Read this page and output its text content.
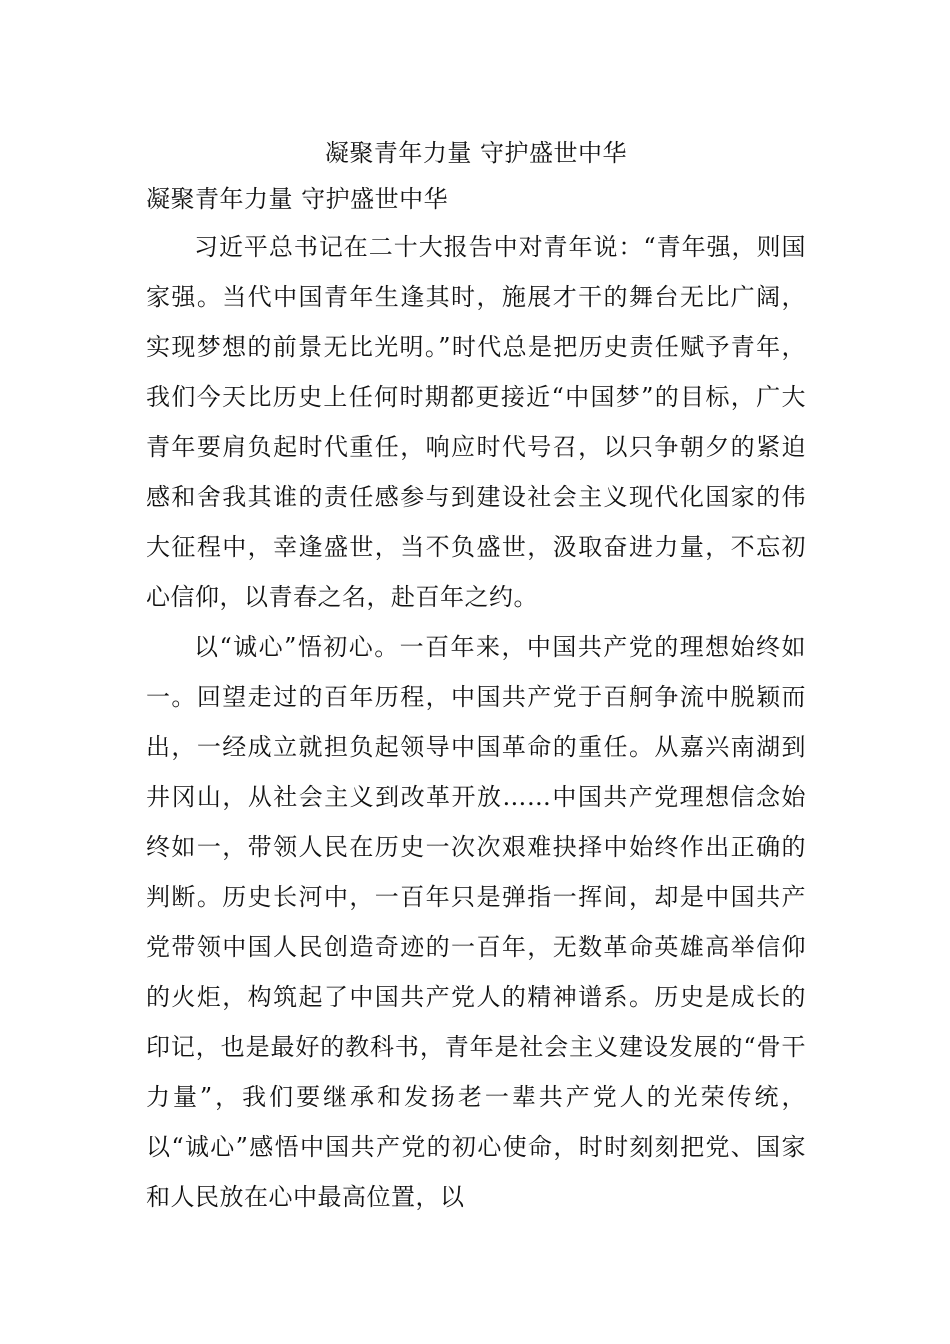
凝聚青年力量 守护盛世中华
凝聚青年力量 守护盛世中华

习近平总书记在二十大报告中对青年说：“青年强，则国家强。当代中国青年生逢其时，施展才干的舞台无比广阔，实现梦想的前景无比光明。”时代总是把历史责任赋予青年，我们今天比历史上任何时期都更接近“中国梦”的目标，广大青年要肩负起时代重任，响应时代号召，以只争朝夕的紧迫感和舍我其谁的责任感参与到建设社会主义现代化国家的伟大征程中，幸逢盛世，当不负盛世，汲取奋进力量，不忘初心信仰，以青春之名，赴百年之约。

以“诚心”悟初心。一百年来，中国共产党的理想始终如一。回望走过的百年历程，中国共产党于百舸争流中脱颖而出，一经成立就担负起领导中国革命的重任。从嘉兴南湖到井冈山，从社会主义到改革开放……中国共产党理想信念始终如一，带领人民在历史一次次艰难抉择中始终作出正确的判断。历史长河中，一百年只是弹指一挥间，却是中国共产党带领中国人民创造奇迹的一百年，无数革命英雄高举信仰的火炬，构筑起了中国共产党人的精神谱系。历史是成长的印记，也是最好的教科书，青年是社会主义建设发展的“骨干力量”，我们要继承和发扬老一辈共产党人的光荣传统，以“诚心”感悟中国共产党的初心使命，时时刻刻把党、国家和人民放在心中最高位置，以
